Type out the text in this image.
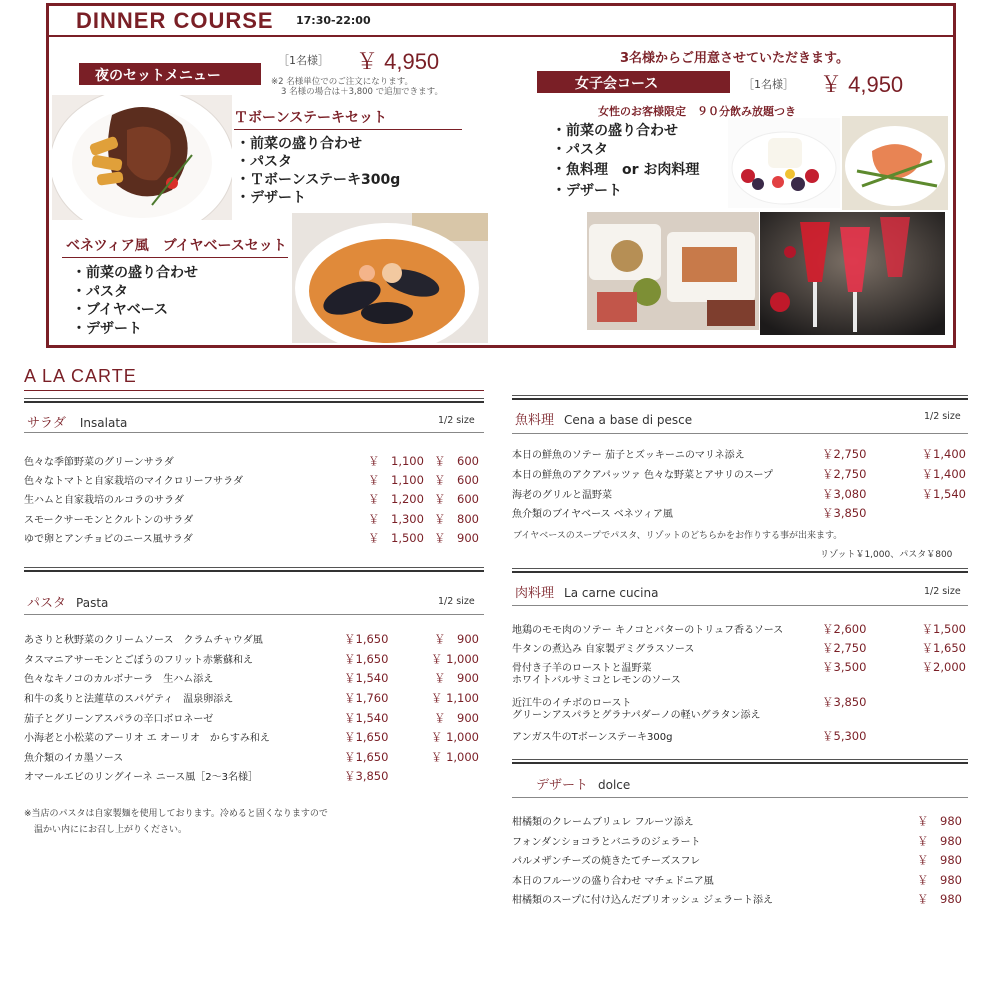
DINNER COURSE 17:30-22:00
夜のセットメニュー
［1名様］ ￥ 4,950
※2 名様単位でのご注文になります。
3 名様の場合は＋3,800 で追加できます。
Ｔボーンステーキセット
・前菜の盛り合わせ
・パスタ
・Ｔボーンステーキ300g
・デザート
ベネツィア風　ブイヤベースセット
・前菜の盛り合わせ
・パスタ
・ブイヤベース
・デザート
3名様からご用意させていただきます。
女子会コース	［1名様］ ￥ 4,950
女性のお客様限定　９０分飲み放題つき
・前菜の盛り合わせ
・パスタ
・魚料理　or お肉料理
・デザート
A LA CARTE
サラダ Insalata	1/2 size
色々な季節野菜のグリーンサラダ	￥　1,100 ￥　600
色々なトマトと自家栽培のマイクロリーフサラダ	￥　1,100 ￥　600
生ハムと自家栽培のルコラのサラダ	￥　1,200 ￥　600
スモークサーモンとクルトンのサラダ	￥　1,300 ￥　800
ゆで卵とアンチョビのニース風サラダ	￥　1,500 ￥　900
パスタ Pasta	1/2 size
あさりと秋野菜のクリームソース　クラムチャウダ風	￥1,650	￥　900
タスマニアサーモンとごぼうのフリット赤紫蘇和え	￥1,650	￥ 1,000
色々なキノコのカルボナーラ　生ハム添え	￥1,540	￥　900
和牛の炙りと法蓮草のスパゲティ　温泉卵添え	￥1,760	￥ 1,100
茄子とグリーンアスパラの辛口ボロネーゼ	￥1,540	￥　900
小海老と小松菜のアーリオ エ オーリオ　からすみ和え	￥1,650	￥ 1,000
魚介類のイカ墨ソース	￥1,650	￥ 1,000
オマールエビのリングイーネ ニース風［2～3名様］	￥3,850
※当店のパスタは自家製麺を使用しております。冷めると固くなりますので
温かい内ににお召し上がりください。
魚料理 Cena a base di pesce	1/2 size
本日の鮮魚のソテー 茄子とズッキーニのマリネ添え	￥2,750	￥1,400
本日の鮮魚のアクアパッツァ 色々な野菜とアサリのスープ	￥2,750	￥1,400
海老のグリルと温野菜	￥3,080	￥1,540
魚介類のブイヤベース ベネツィア風	￥3,850
ブイヤベースのスープでパスタ、リゾットのどちらかをお作りする事が出来ます。
リゾット￥1,000、パスタ￥800
肉料理 La carne cucina	1/2 size
地鶏のモモ肉のソテー キノコとバターのトリュフ香るソース	￥2,600	￥1,500
牛タンの煮込み 自家製デミグラスソース	￥2,750	￥1,650
骨付き子羊のローストと温野菜
ホワイトバルサミコとレモンのソース
￥3,500	￥2,000
近江牛のイチボのロースト
グリーンアスパラとグラナパダーノの軽いグラタン添え
￥3,850
アンガス牛のTボーンステーキ300g	￥5,300
デザート dolce
柑橘類のクレームブリュレ フルーツ添え	￥　980
フォンダンショコラとバニラのジェラート	￥　980
パルメザンチーズの焼きたてチーズスフレ	￥　980
本日のフルーツの盛り合わせ マチェドニア風	￥　980
柑橘類のスープに付け込んだブリオッシュ ジェラート添え	￥　980
